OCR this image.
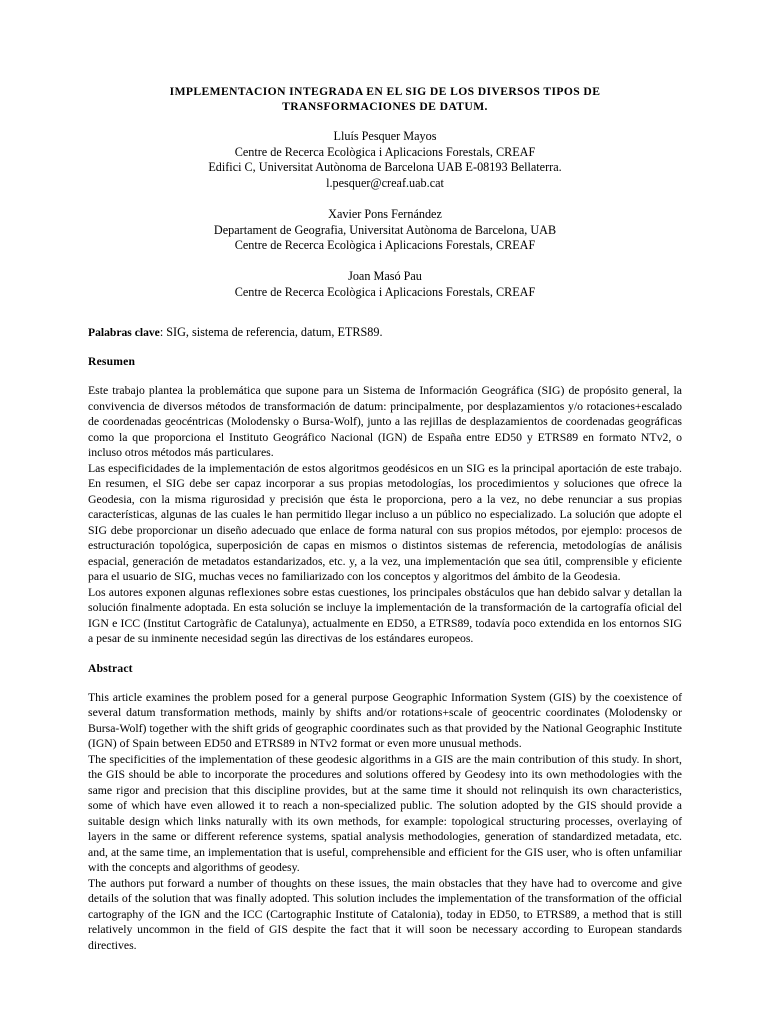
IMPLEMENTACION INTEGRADA EN EL SIG DE LOS DIVERSOS TIPOS DE
TRANSFORMACIONES DE DATUM.
Lluís Pesquer Mayos
Centre de Recerca Ecològica i Aplicacions Forestals, CREAF
Edifici C, Universitat Autònoma de Barcelona UAB E-08193 Bellaterra.
l.pesquer@creaf.uab.cat
Xavier Pons Fernández
Departament de Geografia, Universitat Autònoma de Barcelona, UAB
Centre de Recerca Ecològica i Aplicacions Forestals, CREAF
Joan Masó Pau
Centre de Recerca Ecològica i Aplicacions Forestals, CREAF
Palabras clave: SIG, sistema de referencia, datum, ETRS89.
Resumen

Este trabajo plantea la problemática que supone para un Sistema de Información Geográfica (SIG) de propósito general, la convivencia de diversos métodos de transformación de datum: principalmente, por desplazamientos y/o rotaciones+escalado de coordenadas geocéntricas (Molodensky o Bursa-Wolf), junto a las rejillas de desplazamientos de coordenadas geográficas como la que proporciona el Instituto Geográfico Nacional (IGN) de España entre ED50 y ETRS89 en formato NTv2, o incluso otros métodos más particulares.

Las especificidades de la implementación de estos algoritmos geodésicos en un SIG es la principal aportación de este trabajo. En resumen, el SIG debe ser capaz incorporar a sus propias metodologías, los procedimientos y soluciones que ofrece la Geodesia, con la misma rigurosidad y precisión que ésta le proporciona, pero a la vez, no debe renunciar a sus propias características, algunas de las cuales le han permitido llegar incluso a un público no especializado. La solución que adopte el SIG debe proporcionar un diseño adecuado que enlace de forma natural con sus propios métodos, por ejemplo: procesos de estructuración topológica, superposición de capas en mismos o distintos sistemas de referencia, metodologías de análisis espacial, generación de metadatos estandarizados, etc. y, a la vez, una implementación que sea útil, comprensible y eficiente para el usuario de SIG, muchas veces no familiarizado con los conceptos y algoritmos del ámbito de la Geodesia.

Los autores exponen algunas reflexiones sobre estas cuestiones, los principales obstáculos que han debido salvar y detallan la solución finalmente adoptada. En esta solución se incluye la implementación de la transformación de la cartografía oficial del IGN e ICC (Institut Cartogràfic de Catalunya), actualmente en ED50, a ETRS89, todavía poco extendida en los entornos SIG a pesar de su inminente necesidad según las directivas de los estándares europeos.

Abstract

This article examines the problem posed for a general purpose Geographic Information System (GIS) by the coexistence of several datum transformation methods, mainly by shifts and/or rotations+scale of geocentric coordinates (Molodensky or Bursa-Wolf) together with the shift grids of geographic coordinates such as that provided by the National Geographic Institute (IGN) of Spain between ED50 and ETRS89 in NTv2 format or even more unusual methods.

The specificities of the implementation of these geodesic algorithms in a GIS are the main contribution of this study. In short, the GIS should be able to incorporate the procedures and solutions offered by Geodesy into its own methodologies with the same rigor and precision that this discipline provides, but at the same time it should not relinquish its own characteristics, some of which have even allowed it to reach a non-specialized public. The solution adopted by the GIS should provide a suitable design which links naturally with its own methods, for example: topological structuring processes, overlaying of layers in the same or different reference systems, spatial analysis methodologies, generation of standardized metadata, etc. and, at the same time, an implementation that is useful, comprehensible and efficient for the GIS user, who is often unfamiliar with the concepts and algorithms of geodesy.

The authors put forward a number of thoughts on these issues, the main obstacles that they have had to overcome and give details of the solution that was finally adopted. This solution includes the implementation of the transformation of the official cartography of the IGN and the ICC (Cartographic Institute of Catalonia), today in ED50, to ETRS89, a method that is still relatively uncommon in the field of GIS despite the fact that it will soon be necessary according to European standards directives.
